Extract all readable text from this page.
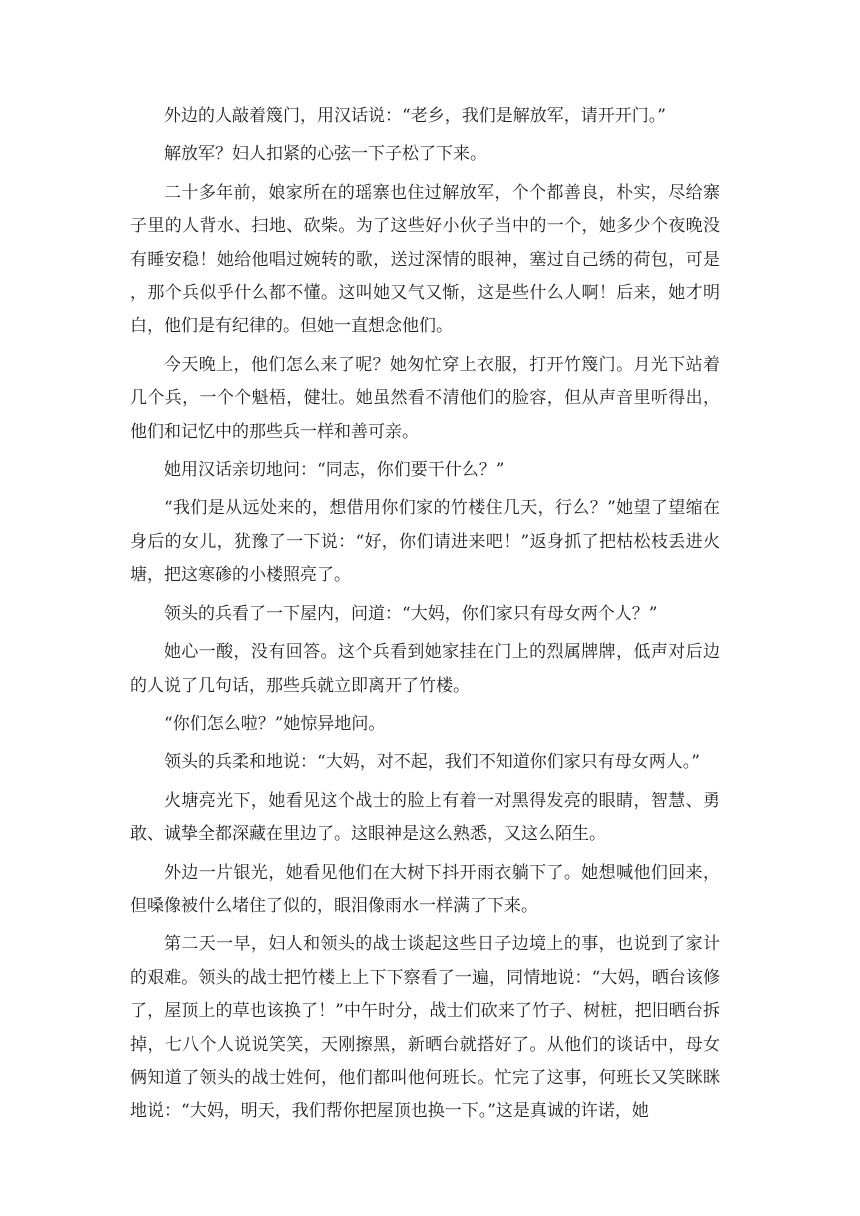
外边的人敲着篾门，用汉话说：“老乡，我们是解放军，请开开门。”

解放军？妇人扣紧的心弦一下子松了下来。

二十多年前，娘家所在的瑶寨也住过解放军，个个都善良，朴实，尽给寨子里的人背水、扫地、砍柴。为了这些好小伙子当中的一个，她多少个夜晚没有睡安稳！她给他唱过婉转的歌，送过深情的眼神，塞过自己绣的荷包，可是，那个兵似乎什么都不懂。这叫她又气又惭，这是些什么人啊！后来，她才明白，他们是有纪律的。但她一直想念他们。

今天晚上，他们怎么来了呢？她匆忙穿上衣服，打开竹篾门。月光下站着几个兵，一个个魁梧，健壮。她虽然看不清他们的脸容，但从声音里听得出，他们和记忆中的那些兵一样和善可亲。

她用汉话亲切地问：“同志，你们要干什么？”

“我们是从远处来的，想借用你们家的竹楼住几天，行么？”她望了望缩在身后的女儿，犹豫了一下说：“好，你们请进来吧！”返身抓了把枯松枝丢进火塘，把这寒碜的小楼照亮了。

领头的兵看了一下屋内，问道：“大妈，你们家只有母女两个人？”

她心一酸，没有回答。这个兵看到她家挂在门上的烈属牌牌，低声对后边的人说了几句话，那些兵就立即离开了竹楼。

“你们怎么啦？”她惊异地问。

领头的兵柔和地说：“大妈，对不起，我们不知道你们家只有母女两人。”

火塘亮光下，她看见这个战士的脸上有着一对黑得发亮的眼睛，智慧、勇敢、诚挚全都深藏在里边了。这眼神是这么熟悉，又这么陌生。

外边一片银光，她看见他们在大树下抖开雨衣躺下了。她想喊他们回来，但嗓像被什么堵住了似的，眼泪像雨水一样满了下来。

第二天一早，妇人和领头的战士谈起这些日子边境上的事，也说到了家计的艰难。领头的战士把竹楼上上下下察看了一遍，同情地说：“大妈，晒台该修了，屋顶上的草也该换了！”中午时分，战士们砍来了竹子、树桩，把旧晒台拆掉，七八个人说说笑笑，天刚擦黑，新晒台就搭好了。从他们的谈话中，母女俩知道了领头的战士姓何，他们都叫他何班长。忙完了这事，何班长又笑眯眯地说：“大妈，明天，我们帮你把屋顶也换一下。”这是真诚的许诺，她
